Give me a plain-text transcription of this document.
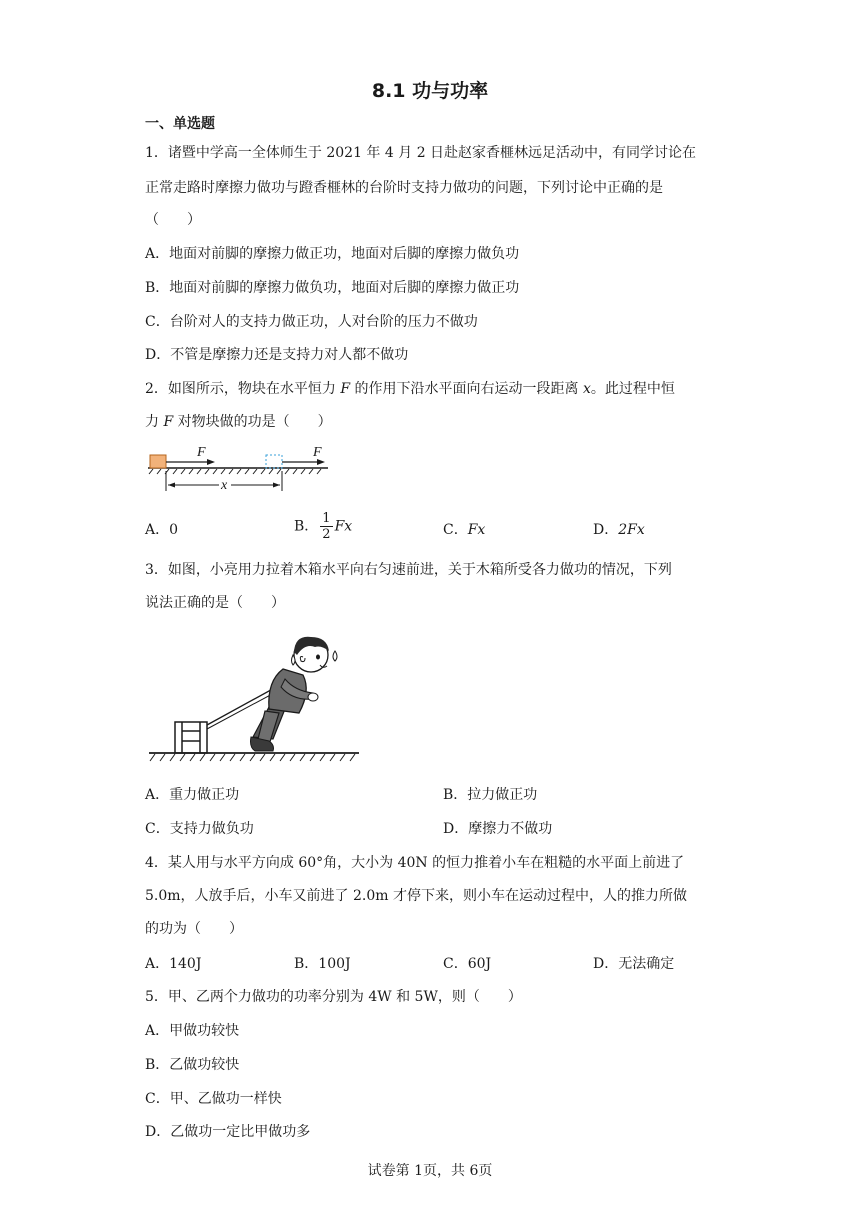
8.1 功与功率
一、单选题
1．诸暨中学高一全体师生于 2021 年 4 月 2 日赴赵家香榧林远足活动中，有同学讨论在
正常走路时摩擦力做功与蹬香榧林的台阶时支持力做功的问题，下列讨论中正确的是
（　　）
A．地面对前脚的摩擦力做正功，地面对后脚的摩擦力做负功
B．地面对前脚的摩擦力做负功，地面对后脚的摩擦力做正功
C．台阶对人的支持力做正功，人对台阶的压力不做功
D．不管是摩擦力还是支持力对人都不做功
2．如图所示，物块在水平恒力 F 的作用下沿水平面向右运动一段距离 x。此过程中恒
力 F 对物块做的功是（　　）
F	F
x
A．0	B． $\frac{1}{2}$ Fx	C．Fx	D．2Fx
3．如图，小亮用力拉着木箱水平向右匀速前进，关于木箱所受各力做功的情况，下列
说法正确的是（　　）
A．重力做正功	B．拉力做正功
C．支持力做负功	D．摩擦力不做功
4．某人用与水平方向成 60°角，大小为 40N 的恒力推着小车在粗糙的水平面上前进了
5.0m，人放手后，小车又前进了 2.0m 才停下来，则小车在运动过程中，人的推力所做
的功为（　　）
A．140J	B．100J	C．60J	D．无法确定
5．甲、乙两个力做功的功率分别为 4W 和 5W，则（　　）
A．甲做功较快
B．乙做功较快
C．甲、乙做功一样快
D．乙做功一定比甲做功多
试卷第 1页，共 6页
